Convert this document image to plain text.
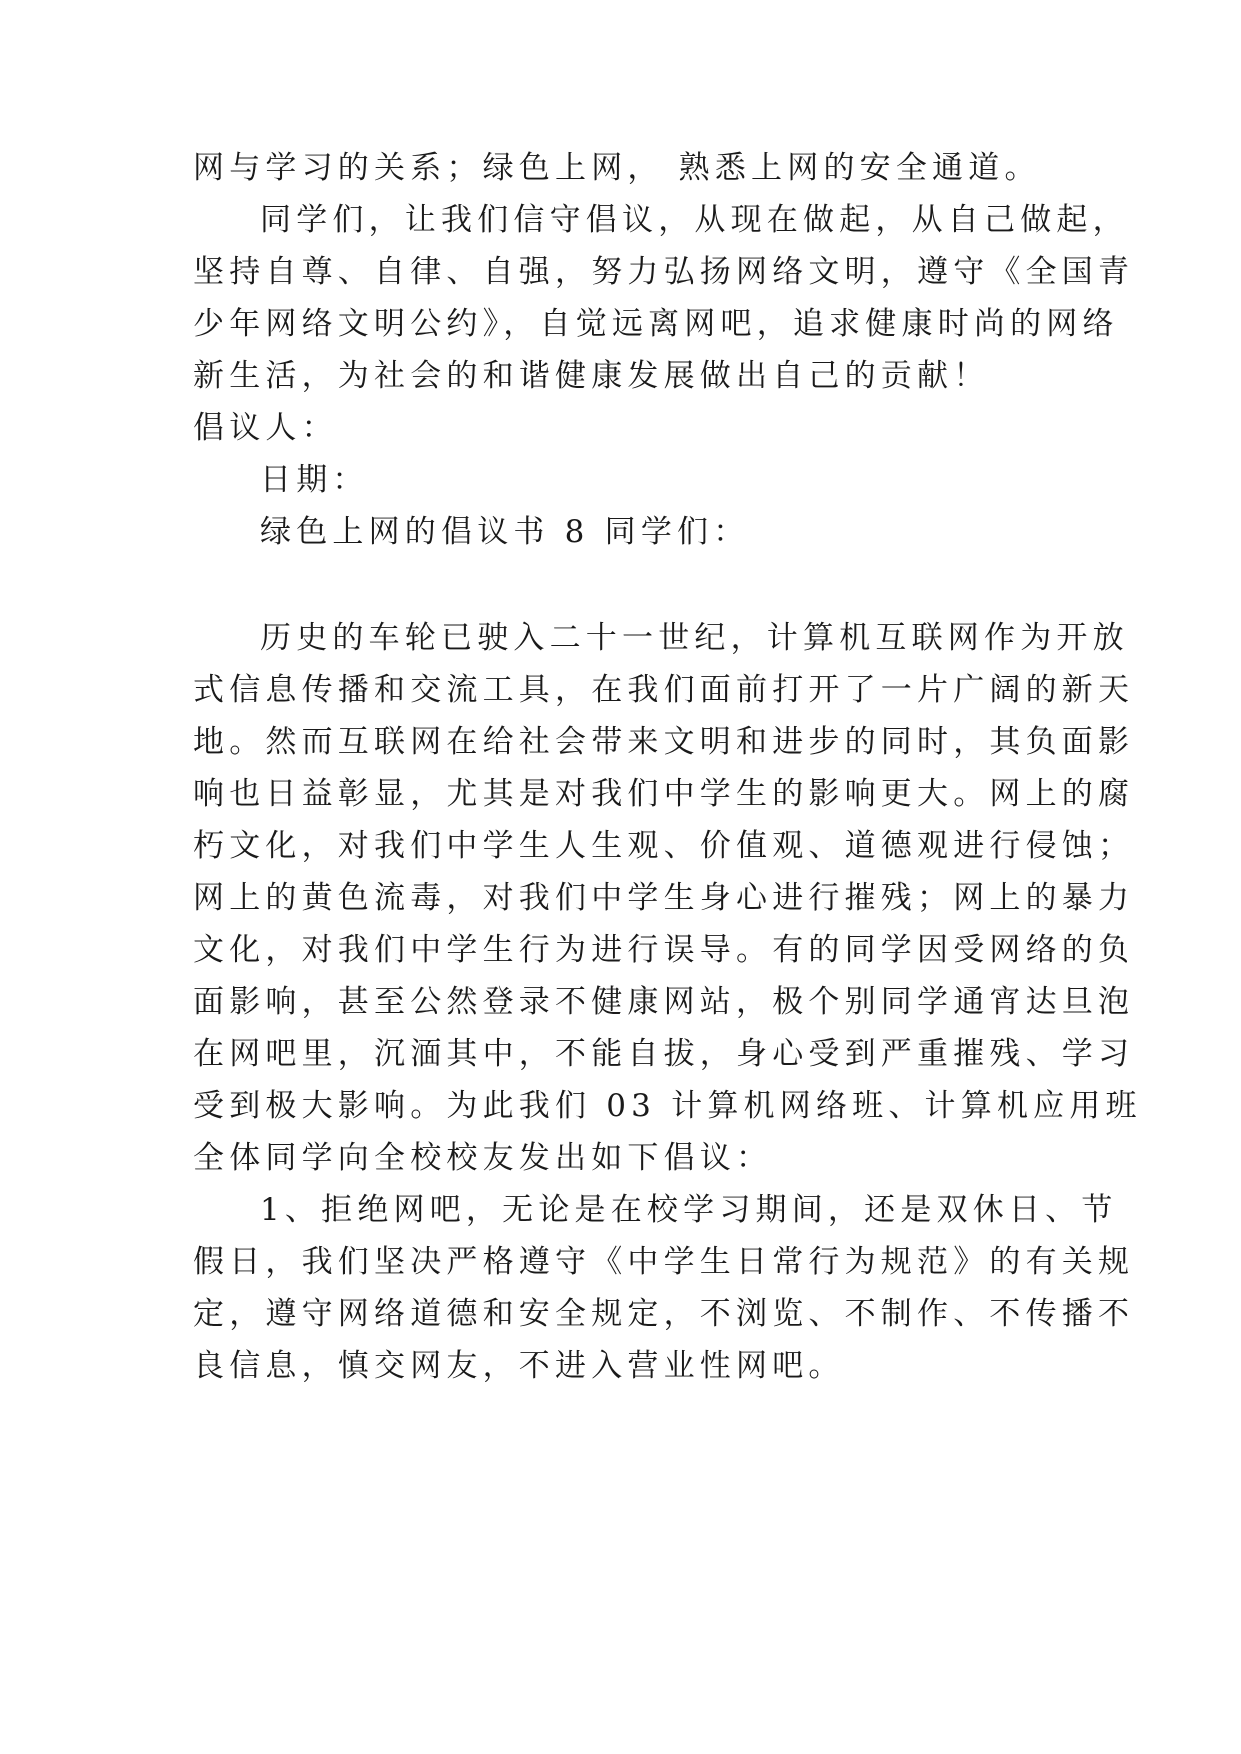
网与学习的关系；绿色上网， 熟悉上网的安全通道。
同学们，让我们信守倡议，从现在做起，从自己做起，
坚持自尊、自律、自强，努力弘扬网络文明，遵守《全国青
少年网络文明公约》，自觉远离网吧，追求健康时尚的网络
新生活，为社会的和谐健康发展做出自己的贡献！
倡议人：
日期：
绿色上网的倡议书 8 同学们：
历史的车轮已驶入二十一世纪，计算机互联网作为开放
式信息传播和交流工具，在我们面前打开了一片广阔的新天
地。然而互联网在给社会带来文明和进步的同时，其负面影
响也日益彰显，尤其是对我们中学生的影响更大。网上的腐
朽文化，对我们中学生人生观、价值观、道德观进行侵蚀；
网上的黄色流毒，对我们中学生身心进行摧残；网上的暴力
文化，对我们中学生行为进行误导。有的同学因受网络的负
面影响，甚至公然登录不健康网站，极个别同学通宵达旦泡
在网吧里，沉湎其中，不能自拔，身心受到严重摧残、学习
受到极大影响。为此我们 03 计算机网络班、计算机应用班
全体同学向全校校友发出如下倡议：
1、拒绝网吧，无论是在校学习期间，还是双休日、节
假日，我们坚决严格遵守《中学生日常行为规范》的有关规
定，遵守网络道德和安全规定，不浏览、不制作、不传播不
良信息，慎交网友，不进入营业性网吧。
